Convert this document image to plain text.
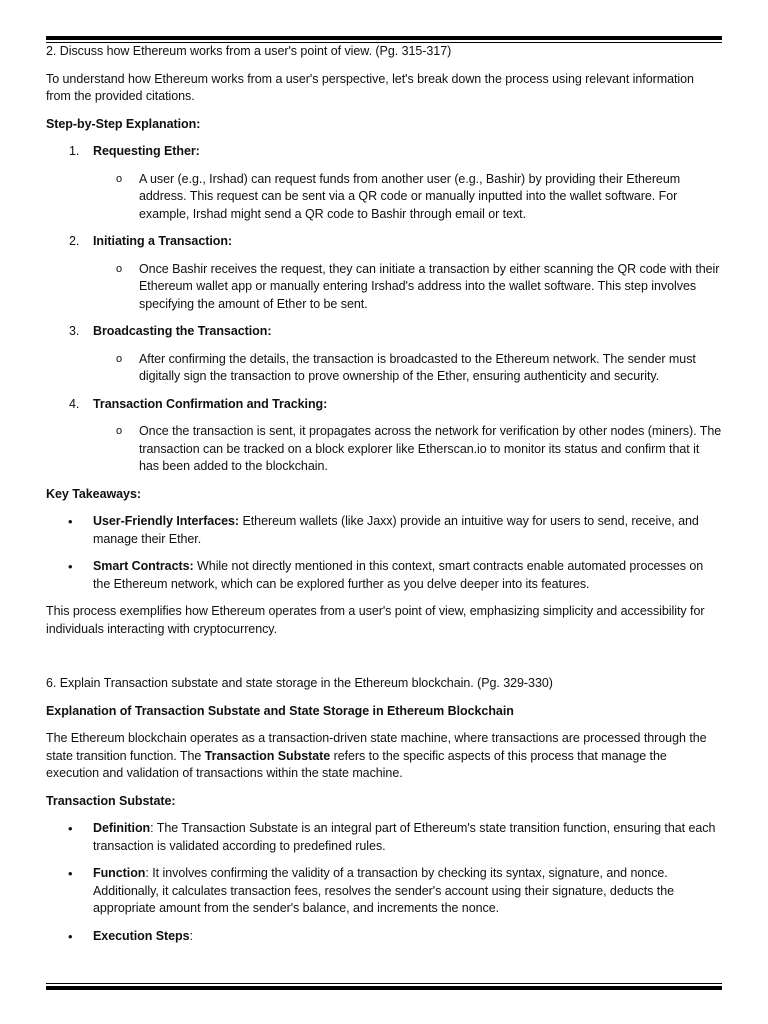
2. Discuss how Ethereum works from a user's point of view. (Pg. 315-317)

To understand how Ethereum works from a user's perspective, let's break down the process using relevant information from the provided citations.

Step-by-Step Explanation:

1. Requesting Ether:
o A user (e.g., Irshad) can request funds from another user (e.g., Bashir) by providing their Ethereum address. This request can be sent via a QR code or manually inputted into the wallet software. For example, Irshad might send a QR code to Bashir through email or text.
2. Initiating a Transaction:
o Once Bashir receives the request, they can initiate a transaction by either scanning the QR code with their Ethereum wallet app or manually entering Irshad's address into the wallet software. This step involves specifying the amount of Ether to be sent.
3. Broadcasting the Transaction:
o After confirming the details, the transaction is broadcasted to the Ethereum network. The sender must digitally sign the transaction to prove ownership of the Ether, ensuring authenticity and security.
4. Transaction Confirmation and Tracking:
o Once the transaction is sent, it propagates across the network for verification by other nodes (miners). The transaction can be tracked on a block explorer like Etherscan.io to monitor its status and confirm that it has been added to the blockchain.

Key Takeaways:

• User-Friendly Interfaces: Ethereum wallets (like Jaxx) provide an intuitive way for users to send, receive, and manage their Ether.
• Smart Contracts: While not directly mentioned in this context, smart contracts enable automated processes on the Ethereum network, which can be explored further as you delve deeper into its features.

This process exemplifies how Ethereum operates from a user's point of view, emphasizing simplicity and accessibility for individuals interacting with cryptocurrency.

6. Explain Transaction substate and state storage in the Ethereum blockchain. (Pg. 329-330)

Explanation of Transaction Substate and State Storage in Ethereum Blockchain

The Ethereum blockchain operates as a transaction-driven state machine, where transactions are processed through the state transition function. The Transaction Substate refers to the specific aspects of this process that manage the execution and validation of transactions within the state machine.

Transaction Substate:

• Definition: The Transaction Substate is an integral part of Ethereum's state transition function, ensuring that each transaction is validated according to predefined rules.
• Function: It involves confirming the validity of a transaction by checking its syntax, signature, and nonce. Additionally, it calculates transaction fees, resolves the sender's account using their signature, deducts the appropriate amount from the sender's balance, and increments the nonce.
• Execution Steps:
